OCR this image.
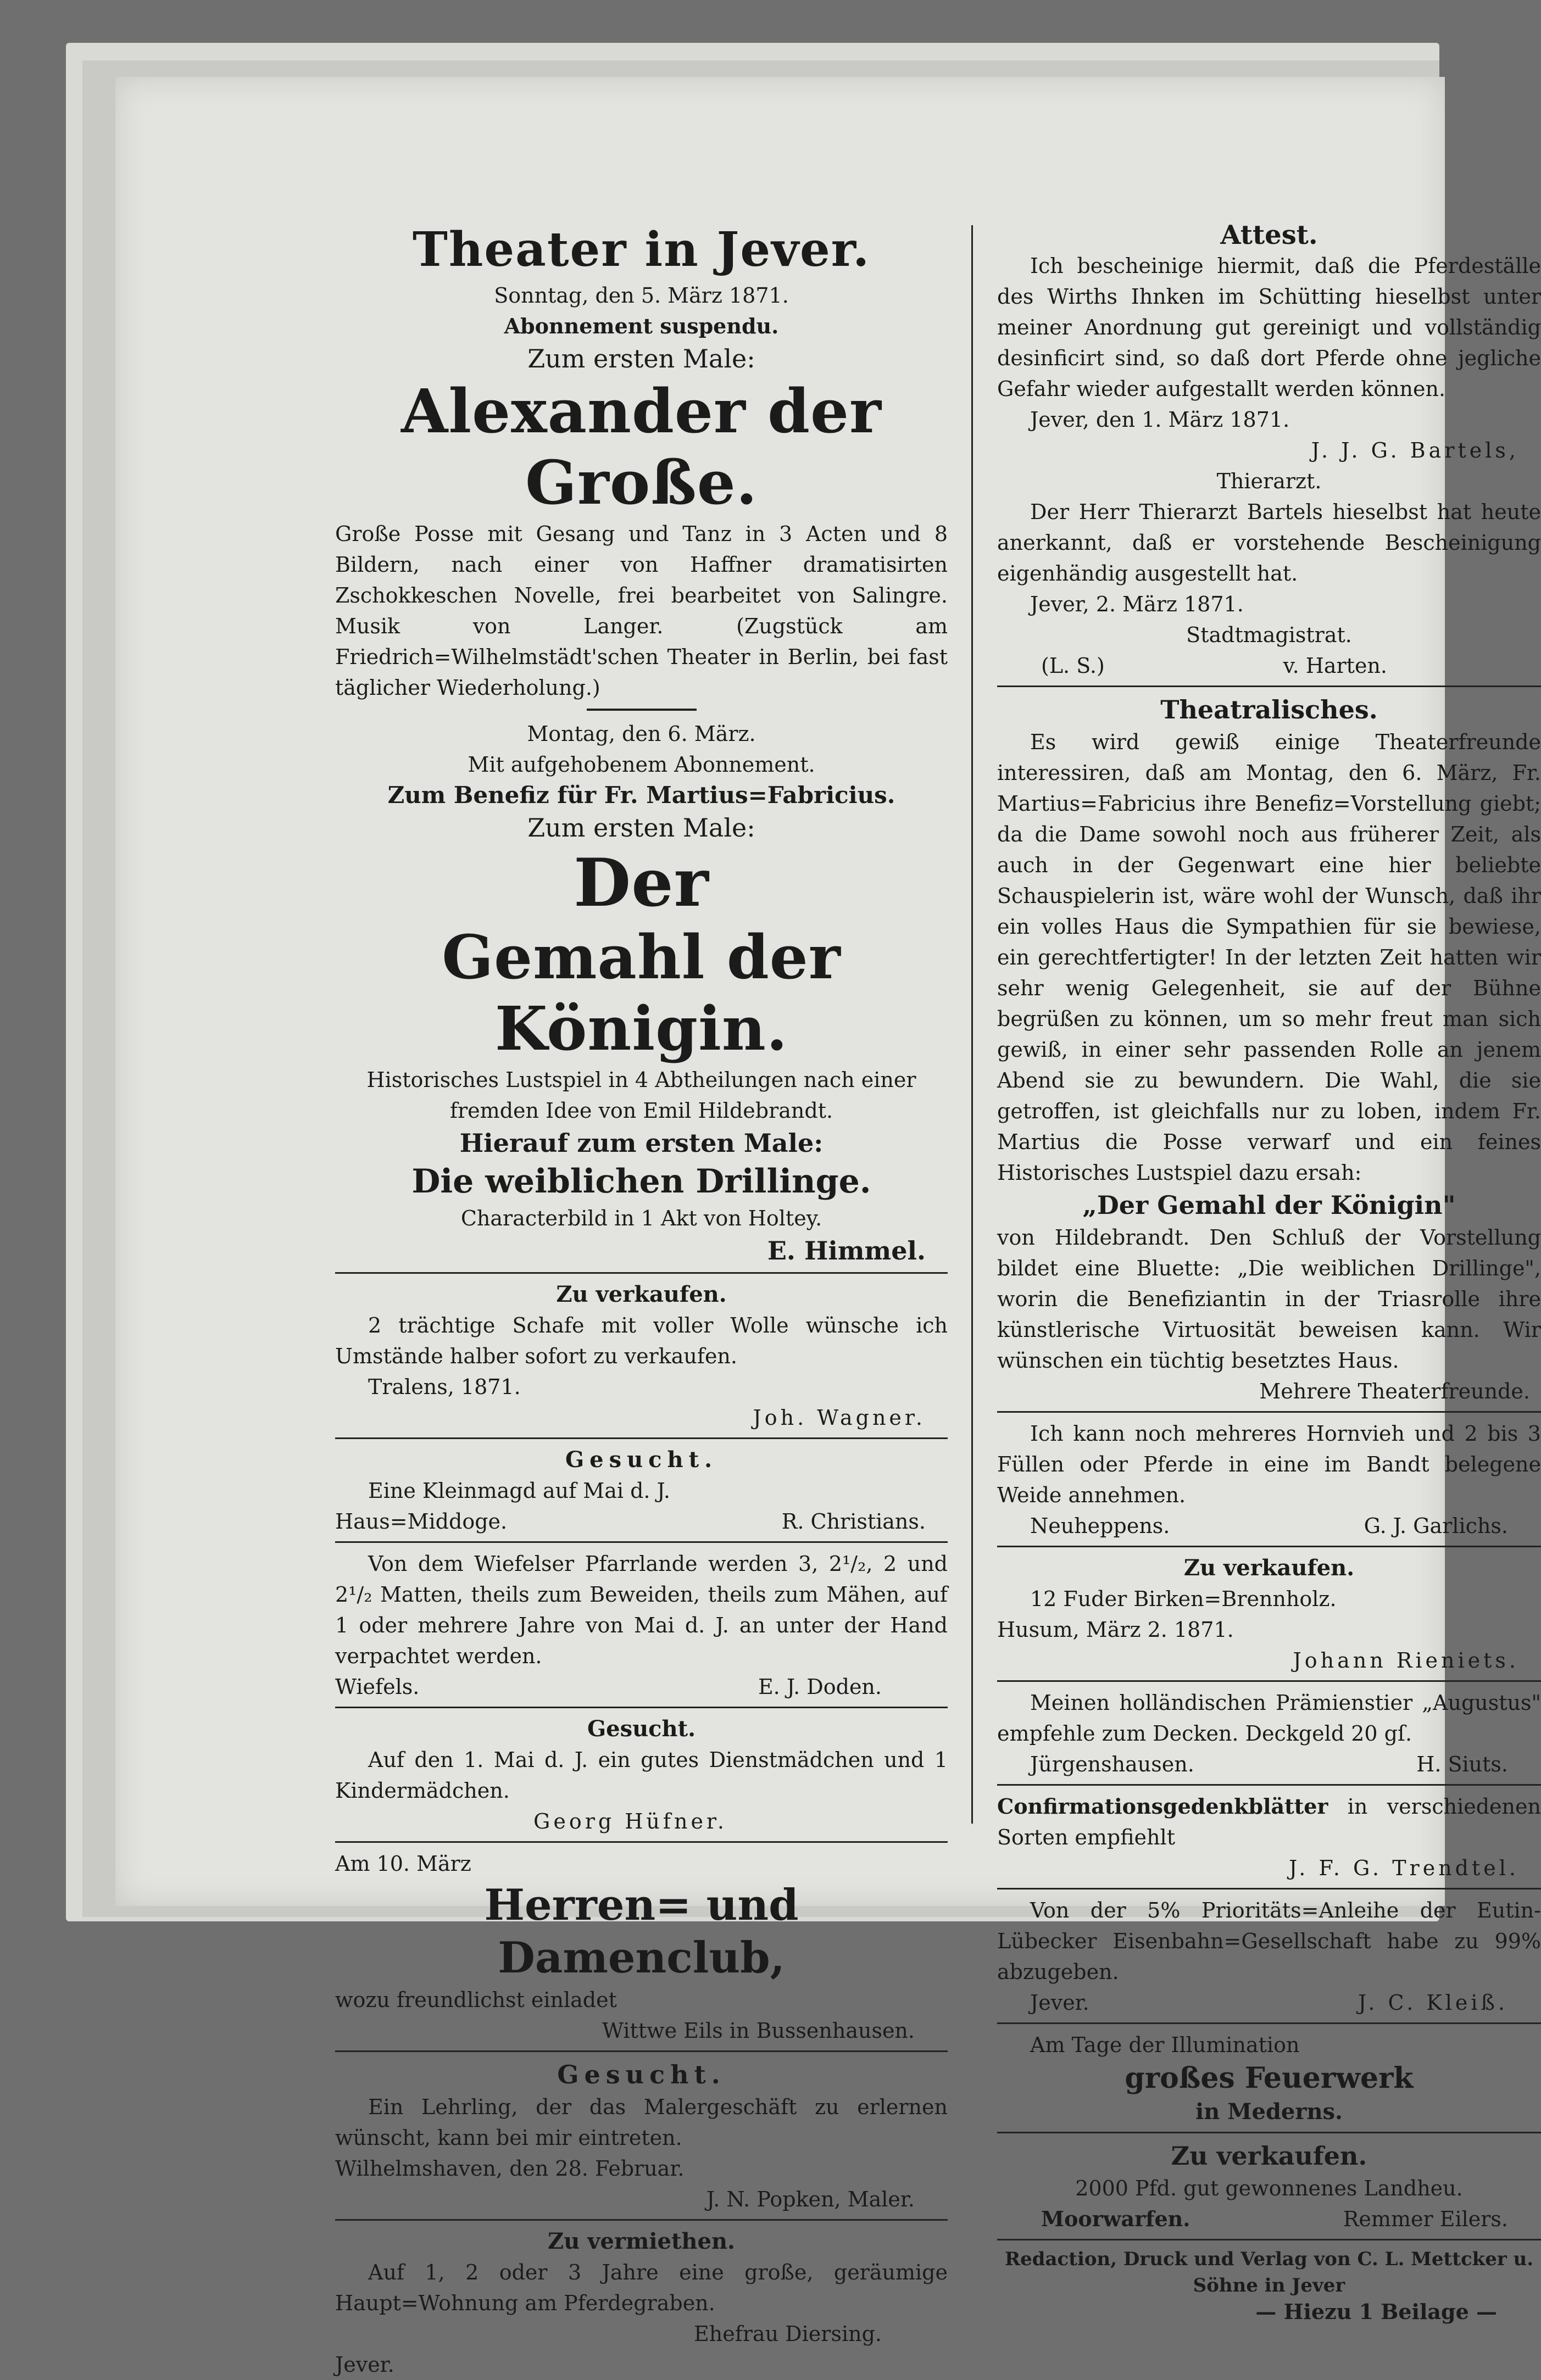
Theater in Jever.

Sonntag, den 5. März 1871.

Abonnement suspendu.

Zum ersten Male:

Alexander der Große.

Große Posse mit Gesang und Tanz in 3 Acten und 8 Bildern, nach einer von Haffner dramatisirten Zschokkeschen Novelle, frei bearbeitet von Salingre. Musik von Langer. (Zugstück am Friedrich=Wilhelmstädt'schen Theater in Berlin, bei fast täglicher Wiederholung.)

Montag, den 6. März.

Mit aufgehobenem Abonnement.

Zum Benefiz für Fr. Martius=Fabricius.

Zum ersten Male:

Der

Gemahl der Königin.

Historisches Lustspiel in 4 Abtheilungen nach einer fremden Idee von Emil Hildebrandt.

Hierauf zum ersten Male:

Die weiblichen Drillinge.

Characterbild in 1 Akt von Holtey.

E. Himmel.

Zu verkaufen.

2 trächtige Schafe mit voller Wolle wünsche ich Umstände halber sofort zu verkaufen.

Tralens, 1871.

Joh. Wagner.

Gesucht.

Eine Kleinmagd auf Mai d. J.

Haus=Middoge.	R. Christians.

Von dem Wiefelser Pfarrlande werden 3, 2¹/₂, 2 und 2¹/₂ Matten, theils zum Beweiden, theils zum Mähen, auf 1 oder mehrere Jahre von Mai d. J. an unter der Hand verpachtet werden.

Wiefels.	E. J. Doden.

Gesucht.

Auf den 1. Mai d. J. ein gutes Dienstmädchen und 1 Kindermädchen.

Georg Hüfner.

Am 10. März

Herren= und Damenclub,

wozu freundlichst einladet

Wittwe Eils in Bussenhausen.

Gesucht.

Ein Lehrling, der das Malergeschäft zu erlernen wünscht, kann bei mir eintreten.

Wilhelmshaven, den 28. Februar.

J. N. Popken, Maler.

Zu vermiethen.

Auf 1, 2 oder 3 Jahre eine große, geräumige Haupt=Wohnung am Pferdegraben.

Ehefrau Diersing.

Jever.

Attest.

Ich bescheinige hiermit, daß die Pferdeställe des Wirths Ihnken im Schütting hieselbst unter meiner Anordnung gut gereinigt und vollständig desinficirt sind, so daß dort Pferde ohne jegliche Gefahr wieder aufgestallt werden können.

Jever, den 1. März 1871.

J. J. G. Bartels,

Thierarzt.

Der Herr Thierarzt Bartels hieselbst hat heute anerkannt, daß er vorstehende Bescheinigung eigenhändig ausgestellt hat.

Jever, 2. März 1871.

Stadtmagistrat.

(L. S.)	v. Harten.

Theatralisches.

Es wird gewiß einige Theaterfreunde interessiren, daß am Montag, den 6. März, Fr. Martius=Fabricius ihre Benefiz=Vorstellung giebt; da die Dame sowohl noch aus früherer Zeit, als auch in der Gegenwart eine hier beliebte Schauspielerin ist, wäre wohl der Wunsch, daß ihr ein volles Haus die Sympathien für sie bewiese, ein gerechtfertigter! In der letzten Zeit hatten wir sehr wenig Gelegenheit, sie auf der Bühne begrüßen zu können, um so mehr freut man sich gewiß, in einer sehr passenden Rolle an jenem Abend sie zu bewundern. Die Wahl, die sie getroffen, ist gleichfalls nur zu loben, indem Fr. Martius die Posse verwarf und ein feines Historisches Lustspiel dazu ersah:

„Der Gemahl der Königin"

von Hildebrandt. Den Schluß der Vorstellung bildet eine Bluette: „Die weiblichen Drillinge", worin die Benefiziantin in der Triasrolle ihre künstlerische Virtuosität beweisen kann. Wir wünschen ein tüchtig besetztes Haus.

Mehrere Theaterfreunde.

Ich kann noch mehreres Hornvieh und 2 bis 3 Füllen oder Pferde in eine im Bandt belegene Weide annehmen.

Neuheppens.	G. J. Garlichs.

Zu verkaufen.

12 Fuder Birken=Brennholz.

Husum, März 2. 1871.

Johann Rieniets.

Meinen holländischen Prämienstier „Augustus" empfehle zum Decken. Deckgeld 20 gſ.

Jürgenshausen.	H. Siuts.

Confirmationsgedenkblätter in verschiedenen Sorten empfiehlt

J. F. G. Trendtel.

Von der 5% Prioritäts=Anleihe der Eutin-Lübecker Eisenbahn=Gesellschaft habe zu 99% abzugeben.

Jever.	J. C. Kleiß.

Am Tage der Illumination

großes Feuerwerk

in Mederns.

Zu verkaufen.

2000 Pfd. gut gewonnenes Landheu.

Moorwarfen.	Remmer Eilers.

Redaction, Druck und Verlag von C. L. Mettcker u. Söhne in Jever

— Hiezu 1 Beilage —
